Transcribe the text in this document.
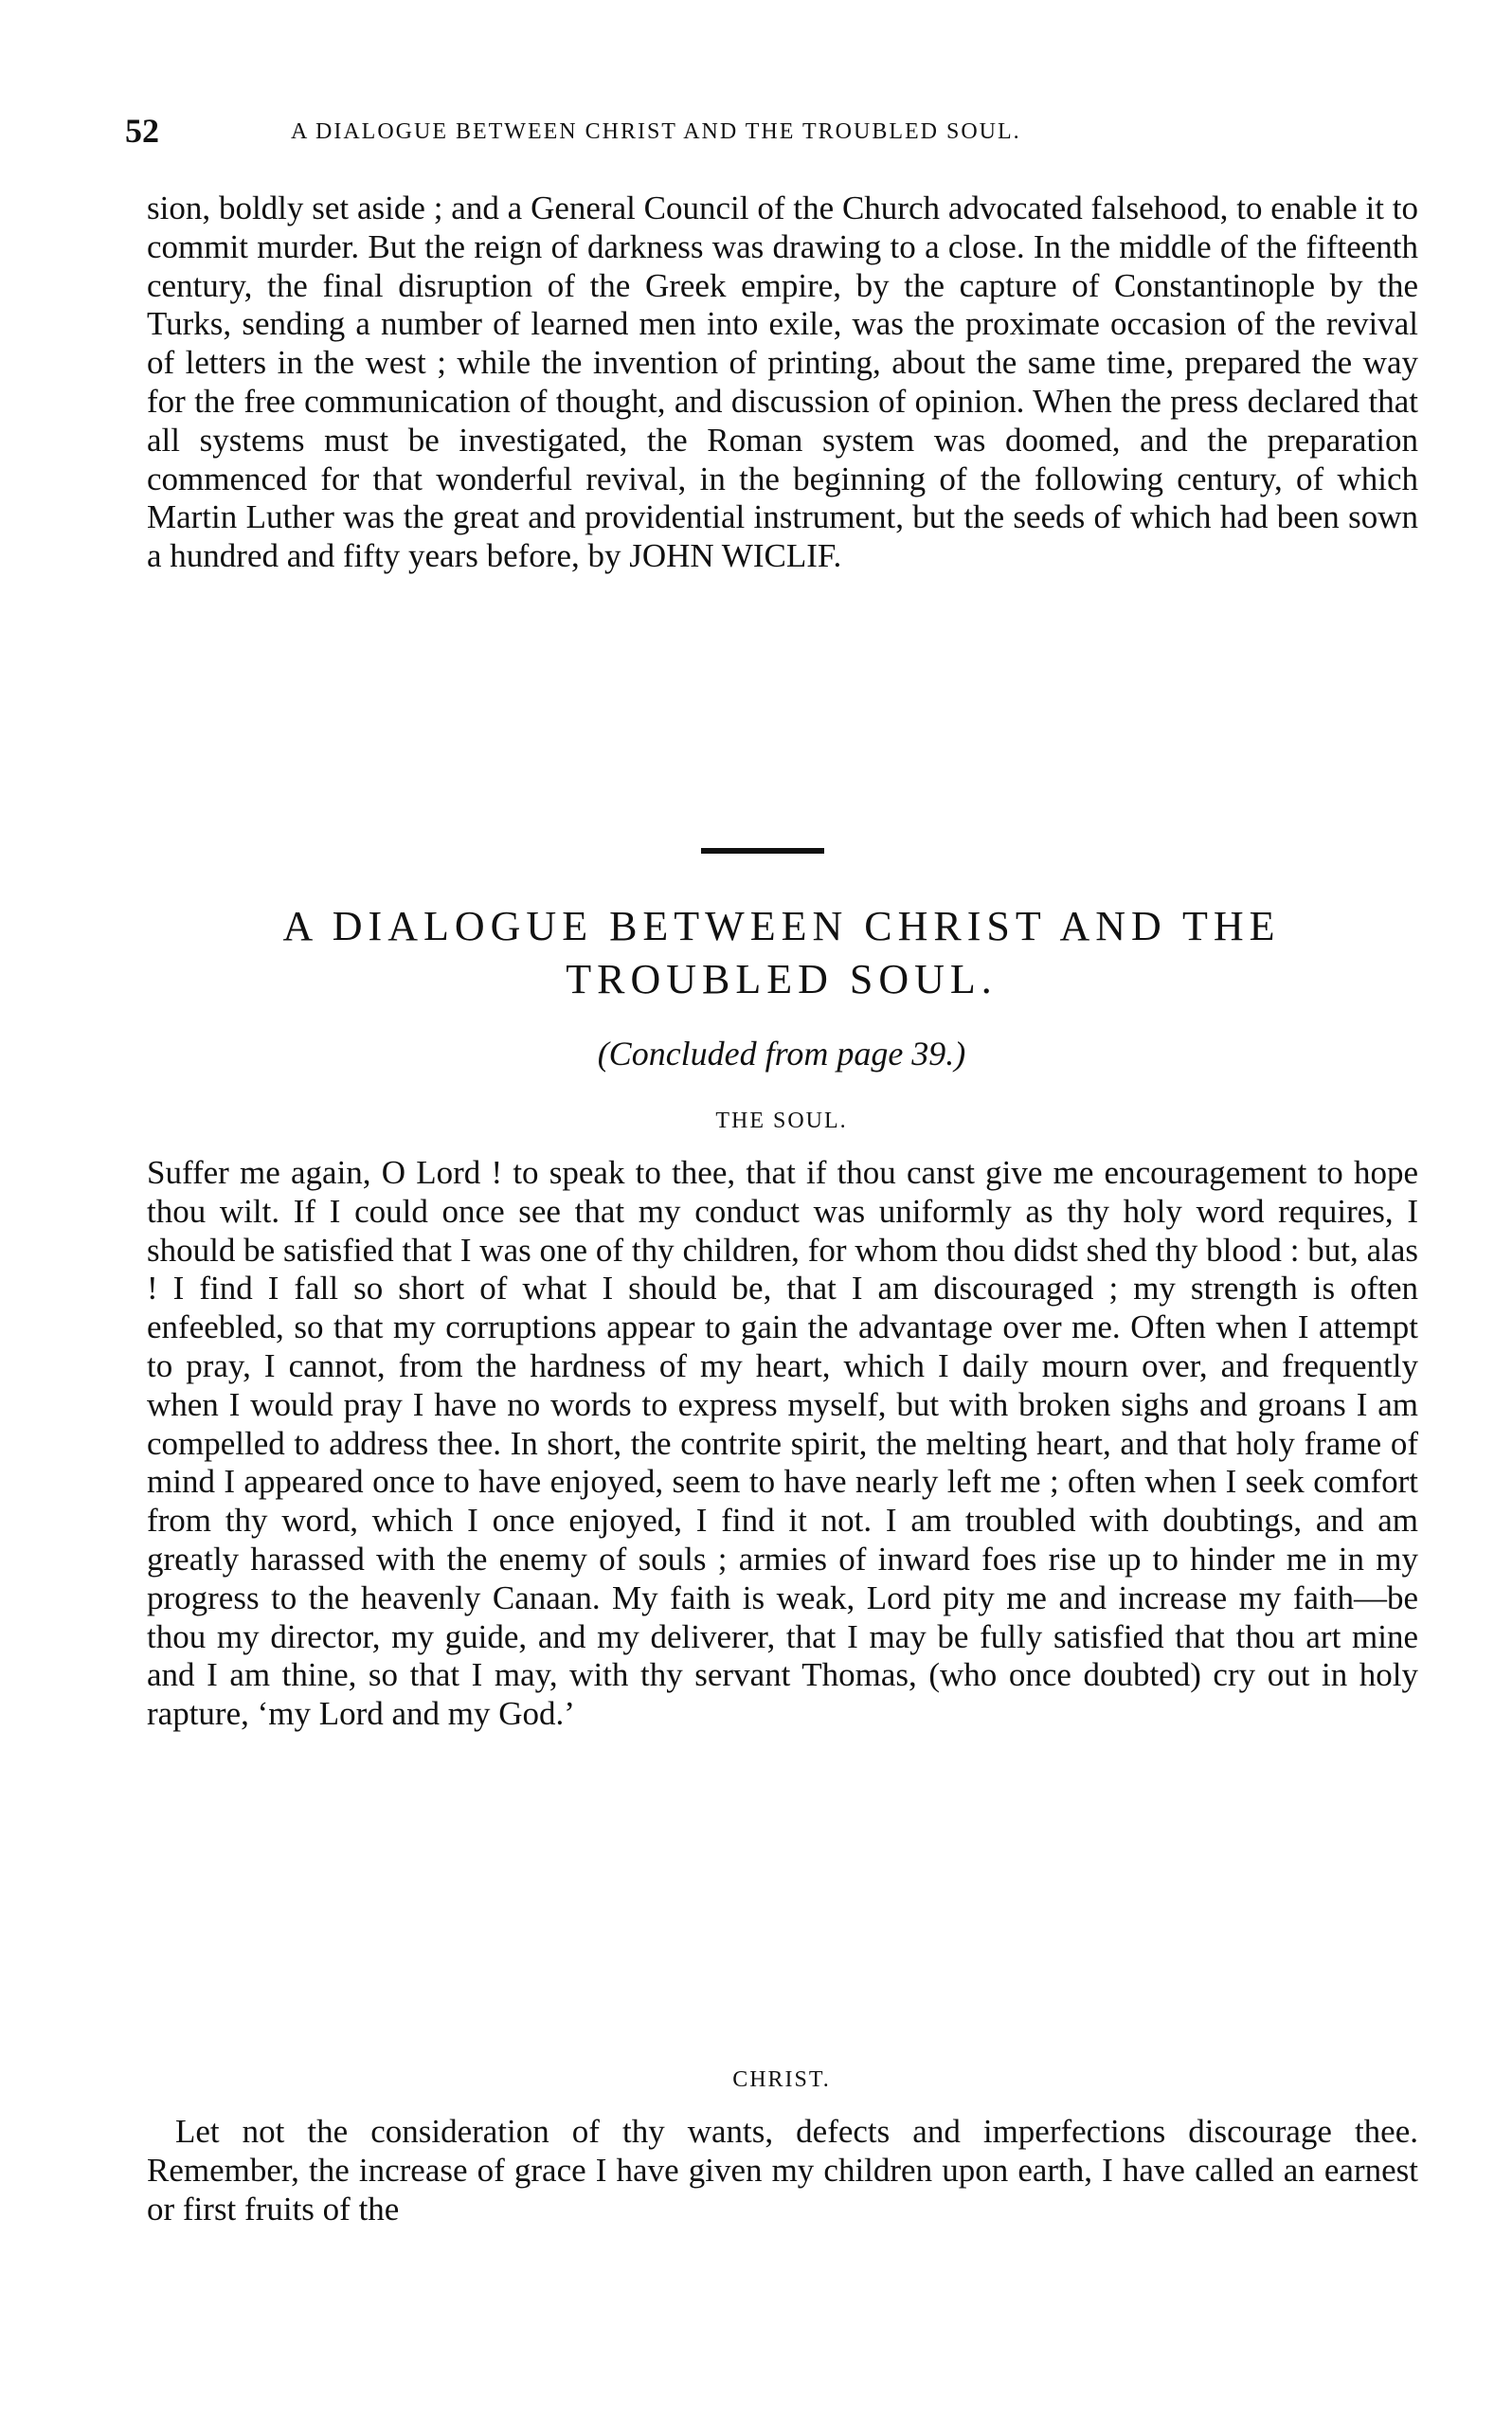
52	A DIALOGUE BETWEEN CHRIST AND THE TROUBLED SOUL.

sion, boldly set aside ; and a General Council of the Church advocated falsehood, to enable it to commit murder. But the reign of darkness was drawing to a close. In the middle of the fifteenth century, the final disruption of the Greek empire, by the capture of Constantinople by the Turks, sending a number of learned men into exile, was the proximate occasion of the revival of letters in the west ; while the invention of printing, about the same time, prepared the way for the free communication of thought, and discussion of opinion. When the press declared that all systems must be investigated, the Roman system was doomed, and the preparation commenced for that wonderful revival, in the beginning of the following century, of which Martin Luther was the great and providential instrument, but the seeds of which had been sown a hundred and fifty years before, by JOHN WICLIF.

A DIALOGUE BETWEEN CHRIST AND THE TROUBLED SOUL.
(Concluded from page 39.)
THE SOUL.

Suffer me again, O Lord ! to speak to thee, that if thou canst give me encouragement to hope thou wilt. If I could once see that my conduct was uniformly as thy holy word requires, I should be satisfied that I was one of thy children, for whom thou didst shed thy blood : but, alas ! I find I fall so short of what I should be, that I am discouraged ; my strength is often enfeebled, so that my corruptions appear to gain the advantage over me. Often when I attempt to pray, I cannot, from the hardness of my heart, which I daily mourn over, and frequently when I would pray I have no words to express myself, but with broken sighs and groans I am compelled to address thee. In short, the contrite spirit, the melting heart, and that holy frame of mind I appeared once to have enjoyed, seem to have nearly left me ; often when I seek comfort from thy word, which I once enjoyed, I find it not. I am troubled with doubtings, and am greatly harassed with the enemy of souls ; armies of inward foes rise up to hinder me in my progress to the heavenly Canaan. My faith is weak, Lord pity me and increase my faith—be thou my director, my guide, and my deliverer, that I may be fully satisfied that thou art mine and I am thine, so that I may, with thy servant Thomas, (who once doubted) cry out in holy rapture, ‘my Lord and my God.’

CHRIST.

Let not the consideration of thy wants, defects and imperfections discourage thee. Remember, the increase of grace I have given my children upon earth, I have called an earnest or first fruits of the
